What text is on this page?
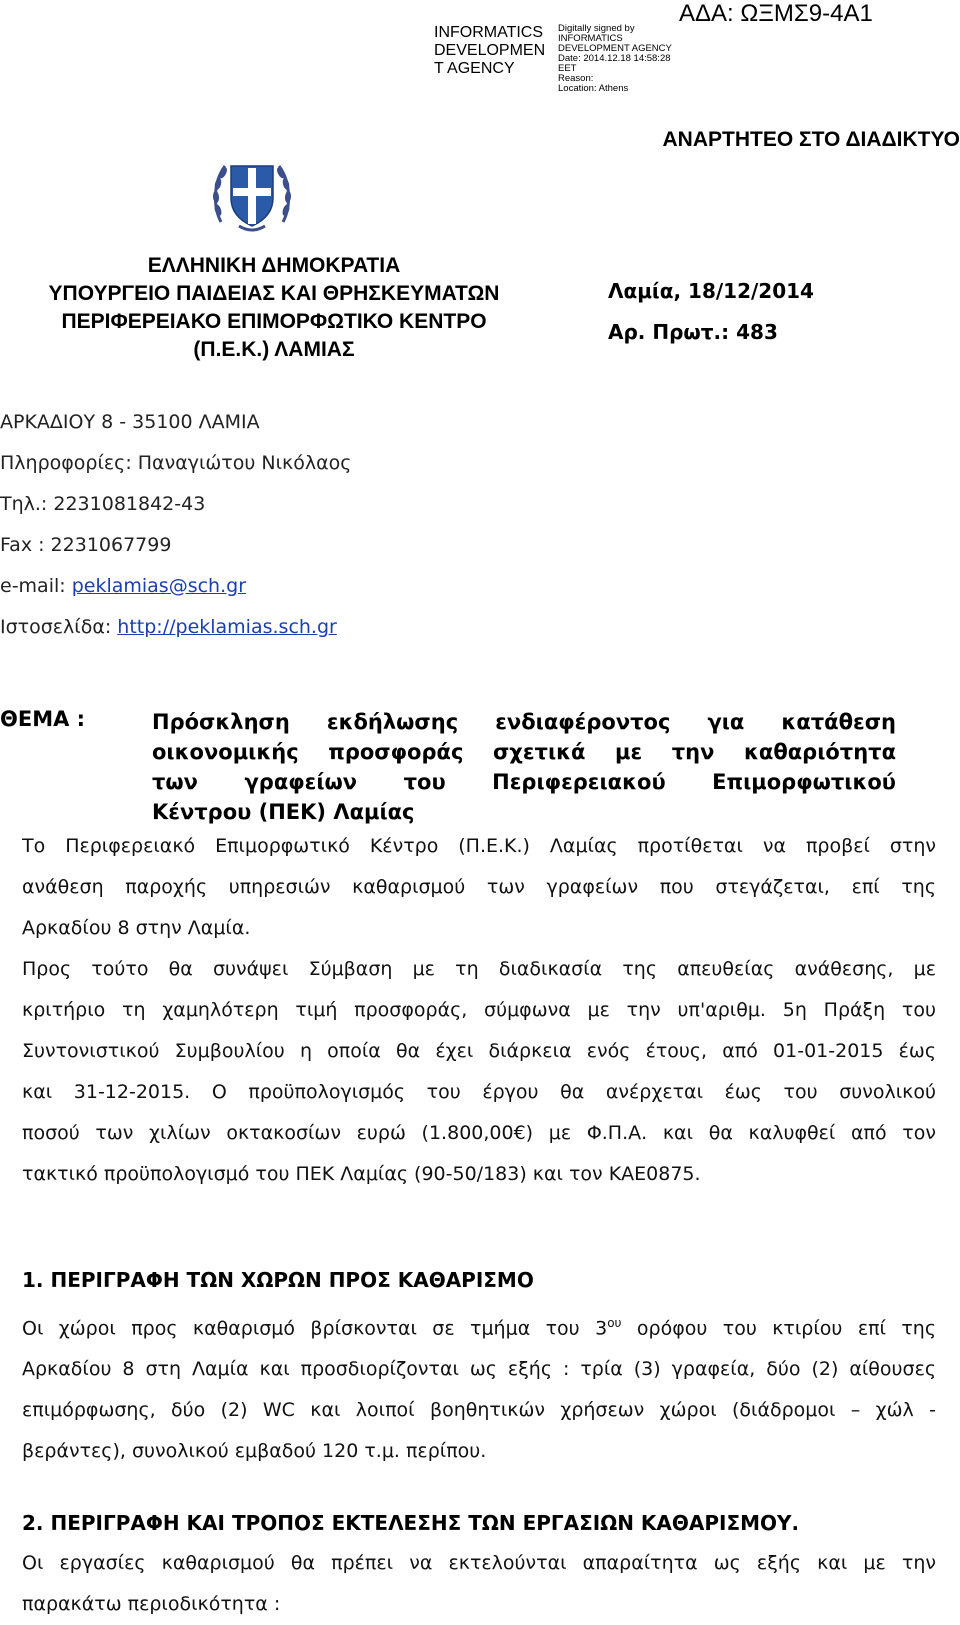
INFORMATICS
DEVELOPMEN
T AGENCY
Digitally signed by
INFORMATICS
DEVELOPMENT AGENCY
Date: 2014.12.18 14:58:28
EET
Reason:
Location: Athens
ΑΔΑ: ΩΞΜΣ9-4Α1
ΑΝΑΡΤΗΤΕΟ ΣΤΟ ΔΙΑΔΙΚΤΥΟ
ΕΛΛΗΝΙΚΗ ΔΗΜΟΚΡΑΤΙΑ
ΥΠΟΥΡΓΕΙΟ ΠΑΙΔΕΙΑΣ ΚΑΙ ΘΡΗΣΚΕΥΜΑΤΩΝ
ΠΕΡΙΦΕΡΕΙΑΚΟ ΕΠΙΜΟΡΦΩΤΙΚΟ ΚΕΝΤΡΟ
(Π.Ε.Κ.) ΛΑΜΙΑΣ
Λαμία, 18/12/2014
Αρ. Πρωτ.: 483
ΑΡΚΑΔΙΟΥ 8 - 35100 ΛΑΜΙΑ
Πληροφορίες: Παναγιώτου Νικόλαος
Τηλ.: 2231081842-43
Fax : 2231067799
e-mail: peklamias@sch.gr
Ιστοσελίδα: http://peklamias.sch.gr
ΘΕΜΑ :	Πρόσκληση εκδήλωσης ενδιαφέροντος για κατάθεση
οικονομικής προσφοράς σχετικά με την καθαριότητα
των γραφείων του Περιφερειακού Επιμορφωτικού
Κέντρου (ΠΕΚ) Λαμίας
Το Περιφερειακό Επιμορφωτικό Κέντρο (Π.Ε.Κ.) Λαμίας προτίθεται να προβεί στην
ανάθεση παροχής υπηρεσιών καθαρισμού των γραφείων που στεγάζεται, επί της
Αρκαδίου 8 στην Λαμία.
Προς τούτο θα συνάψει Σύμβαση με τη διαδικασία της απευθείας ανάθεσης, με
κριτήριο τη χαμηλότερη τιμή προσφοράς, σύμφωνα με την υπ'αριθμ. 5η Πράξη του
Συντονιστικού Συμβουλίου η οποία θα έχει διάρκεια ενός έτους, από 01-01-2015 έως
και 31-12-2015. Ο προϋπολογισμός του έργου θα ανέρχεται έως του συνολικού
ποσού των χιλίων οκτακοσίων ευρώ (1.800,00€) με Φ.Π.Α. και θα καλυφθεί από τον
τακτικό προϋπολογισμό του ΠΕΚ Λαμίας (90-50/183) και τον ΚΑΕ0875.
1. ΠΕΡΙΓΡΑΦΗ ΤΩΝ ΧΩΡΩΝ ΠΡΟΣ ΚΑΘΑΡΙΣΜΟ
Οι χώροι προς καθαρισμό βρίσκονται σε τμήμα του $3^{o\upsilon}$ ορόφου του κτιρίου επί της
Αρκαδίου 8 στη Λαμία και προσδιορίζονται ως εξής : τρία (3) γραφεία, δύο (2) αίθουσες
επιμόρφωσης, δύο (2) WC και λοιποί βοηθητικών χρήσεων χώροι (διάδρομοι – χώλ -
βεράντες), συνολικού εμβαδού 120 τ.μ. περίπου.
2. ΠΕΡΙΓΡΑΦΗ ΚΑΙ ΤΡΟΠΟΣ ΕΚΤΕΛΕΣΗΣ ΤΩΝ ΕΡΓΑΣΙΩΝ ΚΑΘΑΡΙΣΜΟΥ.
Οι εργασίες καθαρισμού θα πρέπει να εκτελούνται απαραίτητα ως εξής και με την
παρακάτω περιοδικότητα :
